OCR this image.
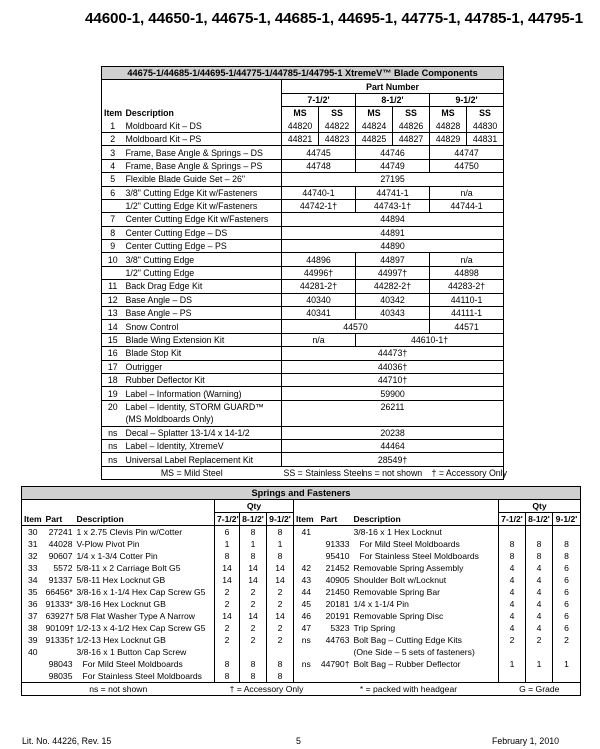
44600-1, 44650-1, 44675-1, 44685-1, 44695-1, 44775-1, 44785-1, 44795-1
44675-1/44685-1/44695-1/44775-1/44785-1/44795-1 XtremeV™ Blade Components							
		Part Number					
		7-1/2'		8-1/2'		9-1/2'	
Item	Description	MS	SS	MS	SS	MS	SS
1	Moldboard Kit – DS	44820	44822	44824	44826	44828	44830
2	Moldboard Kit – PS	44821	44823	44825	44827	44829	44831
3	Frame, Base Angle & Springs – DS	44745		44746		44747	
4	Frame, Base Angle & Springs – PS	44748		44749		44750	
5	Flexible Blade Guide Set – 26"	27195					
6	3/8" Cutting Edge Kit w/Fasteners	44740-1		44741-1		n/a	
	1/2" Cutting Edge Kit w/Fasteners	44742-1†		44743-1†		44744-1	
7	Center Cutting Edge Kit w/Fasteners	44894					
8	Center Cutting Edge – DS	44891					
9	Center Cutting Edge – PS	44890					
10	3/8" Cutting Edge	44896		44897		n/a	
	1/2" Cutting Edge	44996†		44997†		44898	
11	Back Drag Edge Kit	44281-2†		44282-2†		44283-2†	
12	Base Angle – DS	40340		40342		44110-1	
13	Base Angle – PS	40341		40343		44111-1	
14	Snow Control	44570				44571	
15	Blade Wing Extension Kit	n/a		44610-1†			
16	Blade Stop Kit	44473†					
17	Outrigger	44036†					
18	Rubber Deflector Kit	44710†					
19	Label – Information (Warning)	59900					
20	Label – Identity, STORM GUARD™	26211					
	(MS Moldboards Only)						
ns	Decal – Splatter 13-1/4 x 14-1/2	20238					
ns	Label – Identity, XtremeV	44464					
ns	Universal Label Replacement Kit	28549†					
MS = Mild Steel		SS = Stainless Steel		ns = not shown		† = Accessory Only	
Springs and Fasteners											
			Qty						Qty		
Item	Part	Description	7-1/2'	8-1/2'	9-1/2'	Item	Part	Description	7-1/2'	8-1/2'	9-1/2'
30	27241	1 x 2.75 Clevis Pin w/Cotter	6	8	8	41		3/8-16 x 1 Hex Locknut			
31	44028	V-Plow Pivot Pin	1	1	1		91333	For Mild Steel Moldboards	8	8	8
32	90607	1/4 x 1-3/4 Cotter Pin	8	8	8		95410	For Stainless Steel Moldboards	8	8	8
33	5572	5/8-11 x 2 Carriage Bolt G5	14	14	14	42	21452	Removable Spring Assembly	4	4	6
34	91337	5/8-11 Hex Locknut GB	14	14	14	43	40905	Shoulder Bolt w/Locknut	4	4	6
35	66456*	3/8-16 x 1-1/4 Hex Cap Screw G5	2	2	2	44	21450	Removable Spring Bar	4	4	6
36	91333*	3/8-16 Hex Locknut GB	2	2	2	45	20181	1/4 x 1-1/4 Pin	4	4	6
37	63927†	5/8 Flat Washer Type A Narrow	14	14	14	46	20191	Removable Spring Disc	4	4	6
38	90109†	1/2-13 x 4-1/2 Hex Cap Screw G5	2	2	2	47	5323	Trip Spring	4	4	6
39	91335†	1/2-13 Hex Locknut GB	2	2	2	ns	44763	Bolt Bag – Cutting Edge Kits	2	2	2
40		3/8-16 x 1 Button Cap Screw						(One Side – 5 sets of fasteners)			
	98043	For Mild Steel Moldboards	8	8	8	ns	44790†	Bolt Bag – Rubber Deflector	1	1	1
	98035	For Stainless Steel Moldboards	8	8	8						
ns = not shown			† = Accessory Only				* = packed with headgear		G = Grade		
Lit. No. 44226, Rev. 15	5	February 1, 2010
